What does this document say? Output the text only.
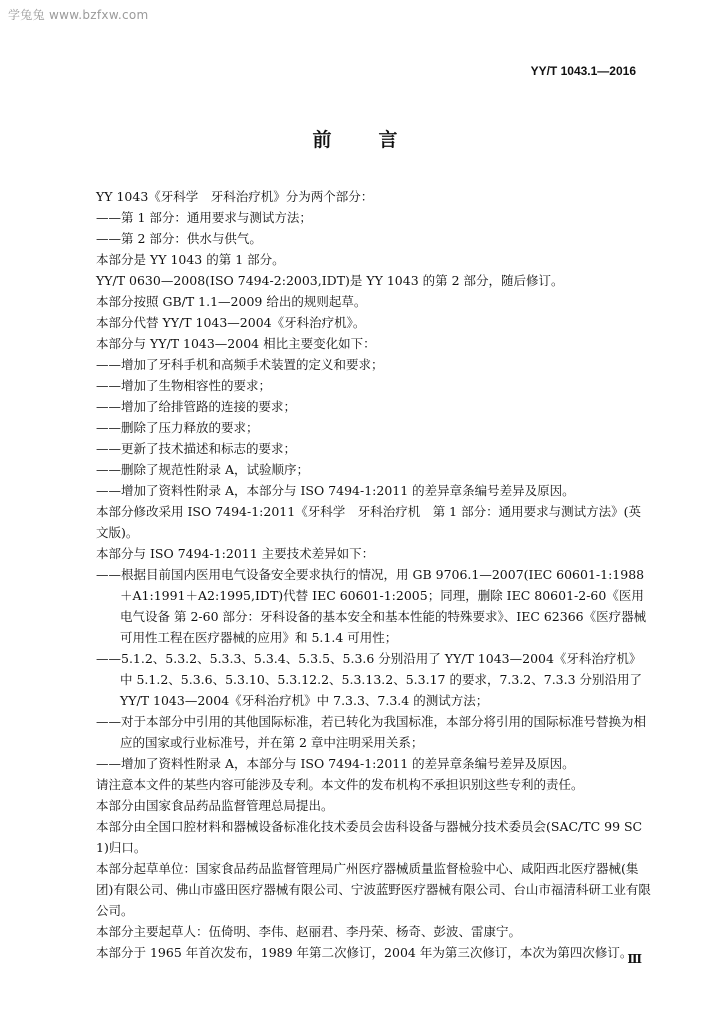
学兔兔 www.bzfxw.com
YY/T 1043.1—2016
前　言

YY 1043《牙科学　牙科治疗机》分为两个部分：

——第 1 部分：通用要求与测试方法；

——第 2 部分：供水与供气。

本部分是 YY 1043 的第 1 部分。

YY/T 0630—2008(ISO 7494-2:2003,IDT)是 YY 1043 的第 2 部分，随后修订。

本部分按照 GB/T 1.1—2009 给出的规则起草。

本部分代替 YY/T 1043—2004《牙科治疗机》。

本部分与 YY/T 1043—2004 相比主要变化如下：

——增加了牙科手机和高频手术装置的定义和要求；

——增加了生物相容性的要求；

——增加了给排管路的连接的要求；

——删除了压力释放的要求；

——更新了技术描述和标志的要求；

——删除了规范性附录 A，试验顺序；

——增加了资料性附录 A，本部分与 ISO 7494-1:2011 的差异章条编号差异及原因。

本部分修改采用 ISO 7494-1:2011《牙科学　牙科治疗机　第 1 部分：通用要求与测试方法》(英文版)。

本部分与 ISO 7494-1:2011 主要技术差异如下：

——根据目前国内医用电气设备安全要求执行的情况，用 GB 9706.1—2007(IEC 60601-1:1988＋A1:1991＋A2:1995,IDT)代替 IEC 60601-1:2005；同理，删除 IEC 80601-2-60《医用电气设备 第 2-60 部分：牙科设备的基本安全和基本性能的特殊要求》、IEC 62366《医疗器械　可用性工程在医疗器械的应用》和 5.1.4 可用性；

——5.1.2、5.3.2、5.3.3、5.3.4、5.3.5、5.3.6 分别沿用了 YY/T 1043—2004《牙科治疗机》中 5.1.2、5.3.6、5.3.10、5.3.12.2、5.3.13.2、5.3.17 的要求，7.3.2、7.3.3 分别沿用了 YY/T 1043—2004《牙科治疗机》中 7.3.3、7.3.4 的测试方法；

——对于本部分中引用的其他国际标准，若已转化为我国标准，本部分将引用的国际标准号替换为相应的国家或行业标准号，并在第 2 章中注明采用关系；

——增加了资料性附录 A，本部分与 ISO 7494-1:2011 的差异章条编号差异及原因。

请注意本文件的某些内容可能涉及专利。本文件的发布机构不承担识别这些专利的责任。

本部分由国家食品药品监督管理总局提出。

本部分由全国口腔材料和器械设备标准化技术委员会齿科设备与器械分技术委员会(SAC/TC 99 SC 1)归口。

本部分起草单位：国家食品药品监督管理局广州医疗器械质量监督检验中心、咸阳西北医疗器械(集团)有限公司、佛山市盛田医疗器械有限公司、宁波蓝野医疗器械有限公司、台山市福清科研工业有限公司。

本部分主要起草人：伍倚明、李伟、赵丽君、李丹荣、杨奇、彭波、雷康宁。

本部分于 1965 年首次发布，1989 年第二次修订，2004 年为第三次修订，本次为第四次修订。

Ⅲ
